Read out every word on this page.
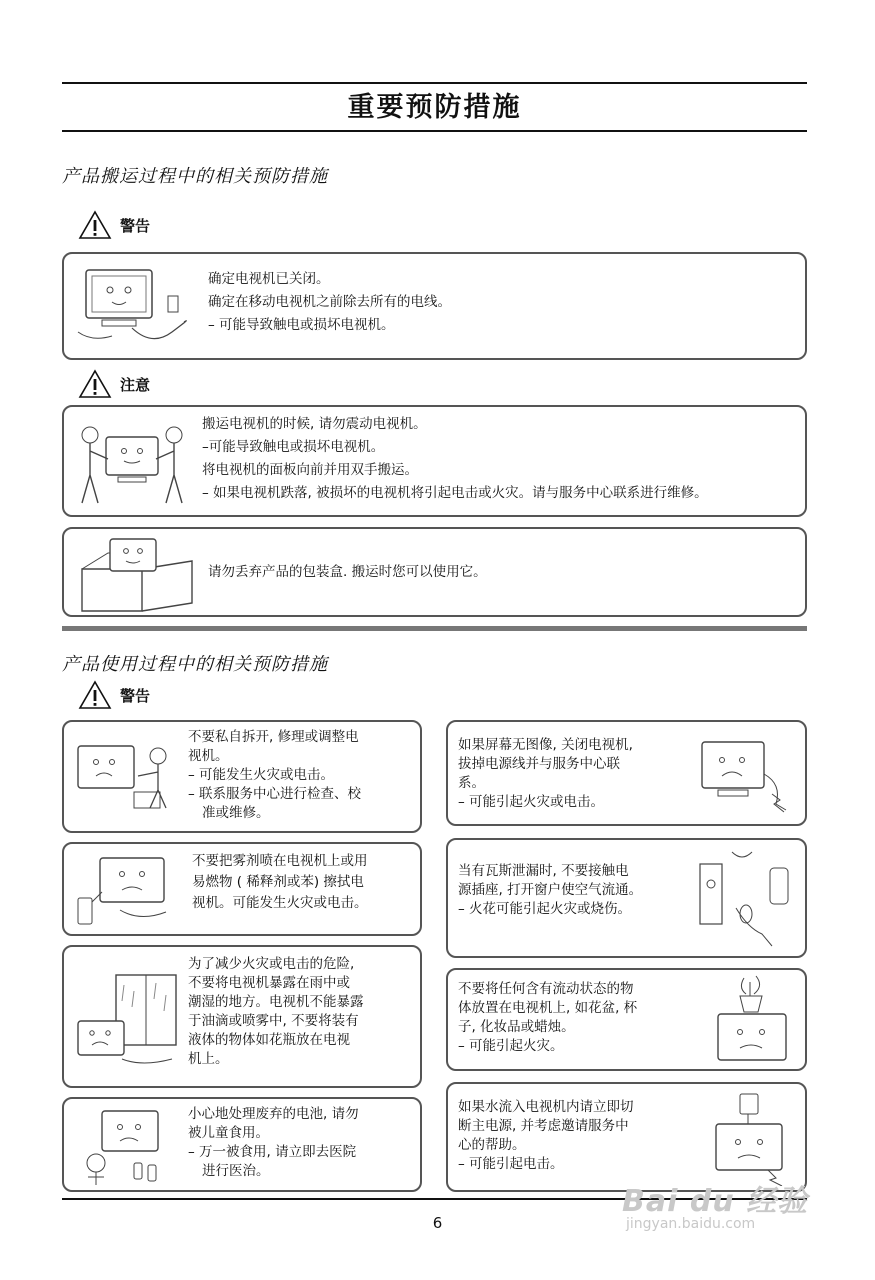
重要预防措施
产品搬运过程中的相关预防措施
警告
确定电视机已关闭。
确定在移动电视机之前除去所有的电线。
– 可能导致触电或损坏电视机。
注意
搬运电视机的时候, 请勿震动电视机。
–可能导致触电或损坏电视机。
将电视机的面板向前并用双手搬运。
– 如果电视机跌落, 被损坏的电视机将引起电击或火灾。请与服务中心联系进行维修。
请勿丢弃产品的包装盒. 搬运时您可以使用它。
产品使用过程中的相关预防措施
警告
不要私自拆开, 修理或调整电
视机。
– 可能发生火灾或电击。
– 联系服务中心进行检查、校
准或维修。
不要把雾剂喷在电视机上或用
易燃物 ( 稀释剂或苯) 擦拭电
视机。可能发生火灾或电击。
为了减少火灾或电击的危险,
不要将电视机暴露在雨中或
潮湿的地方。电视机不能暴露
于油滴或喷雾中, 不要将装有
液体的物体如花瓶放在电视
机上。
小心地处理废弃的电池, 请勿
被儿童食用。
– 万一被食用, 请立即去医院
进行医治。
如果屏幕无图像, 关闭电视机,
拔掉电源线并与服务中心联
系。
– 可能引起火灾或电击。
当有瓦斯泄漏时, 不要接触电
源插座, 打开窗户使空气流通。
– 火花可能引起火灾或烧伤。
不要将任何含有流动状态的物
体放置在电视机上, 如花盆, 杯
子, 化妆品或蜡烛。
– 可能引起火灾。
如果水流入电视机内请立即切
断主电源, 并考虑邀请服务中
心的帮助。
– 可能引起电击。
6
Bai du 经验
jingyan.baidu.com
